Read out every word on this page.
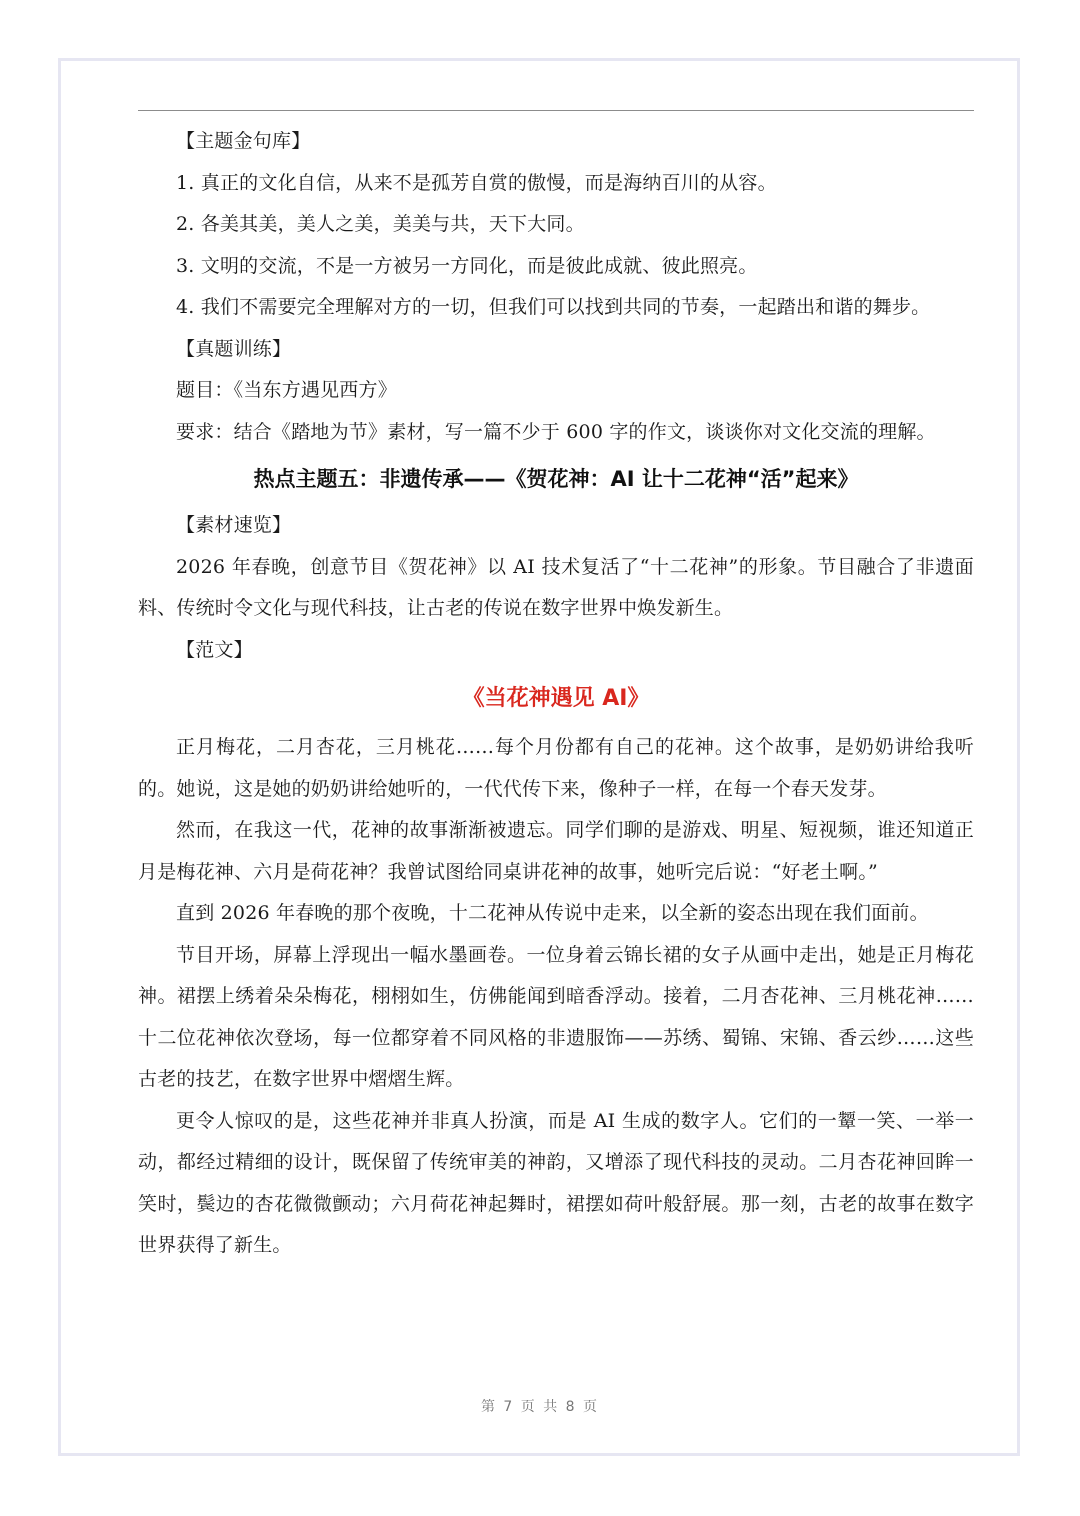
【主题金句库】

1. 真正的文化自信，从来不是孤芳自赏的傲慢，而是海纳百川的从容。

2. 各美其美，美人之美，美美与共，天下大同。

3. 文明的交流，不是一方被另一方同化，而是彼此成就、彼此照亮。

4. 我们不需要完全理解对方的一切，但我们可以找到共同的节奏，一起踏出和谐的舞步。

【真题训练】

题目：《当东方遇见西方》

要求：结合《踏地为节》素材，写一篇不少于 600 字的作文，谈谈你对文化交流的理解。

热点主题五：非遗传承——《贺花神：AI 让十二花神“活”起来》

【素材速览】

2026 年春晚，创意节目《贺花神》以 AI 技术复活了“十二花神”的形象。节目融合了非遗面料、传统时令文化与现代科技，让古老的传说在数字世界中焕发新生。

【范文】

《当花神遇见 AI》

正月梅花，二月杏花，三月桃花……每个月份都有自己的花神。这个故事，是奶奶讲给我听的。她说，这是她的奶奶讲给她听的，一代代传下来，像种子一样，在每一个春天发芽。

然而，在我这一代，花神的故事渐渐被遗忘。同学们聊的是游戏、明星、短视频，谁还知道正月是梅花神、六月是荷花神？我曾试图给同桌讲花神的故事，她听完后说：“好老土啊。”

直到 2026 年春晚的那个夜晚，十二花神从传说中走来，以全新的姿态出现在我们面前。

节目开场，屏幕上浮现出一幅水墨画卷。一位身着云锦长裙的女子从画中走出，她是正月梅花神。裙摆上绣着朵朵梅花，栩栩如生，仿佛能闻到暗香浮动。接着，二月杏花神、三月桃花神……十二位花神依次登场，每一位都穿着不同风格的非遗服饰——苏绣、蜀锦、宋锦、香云纱……这些古老的技艺，在数字世界中熠熠生辉。

更令人惊叹的是，这些花神并非真人扮演，而是 AI 生成的数字人。它们的一颦一笑、一举一动，都经过精细的设计，既保留了传统审美的神韵，又增添了现代科技的灵动。二月杏花神回眸一笑时，鬓边的杏花微微颤动；六月荷花神起舞时，裙摆如荷叶般舒展。那一刻，古老的故事在数字世界获得了新生。

第 7 页 共 8 页
